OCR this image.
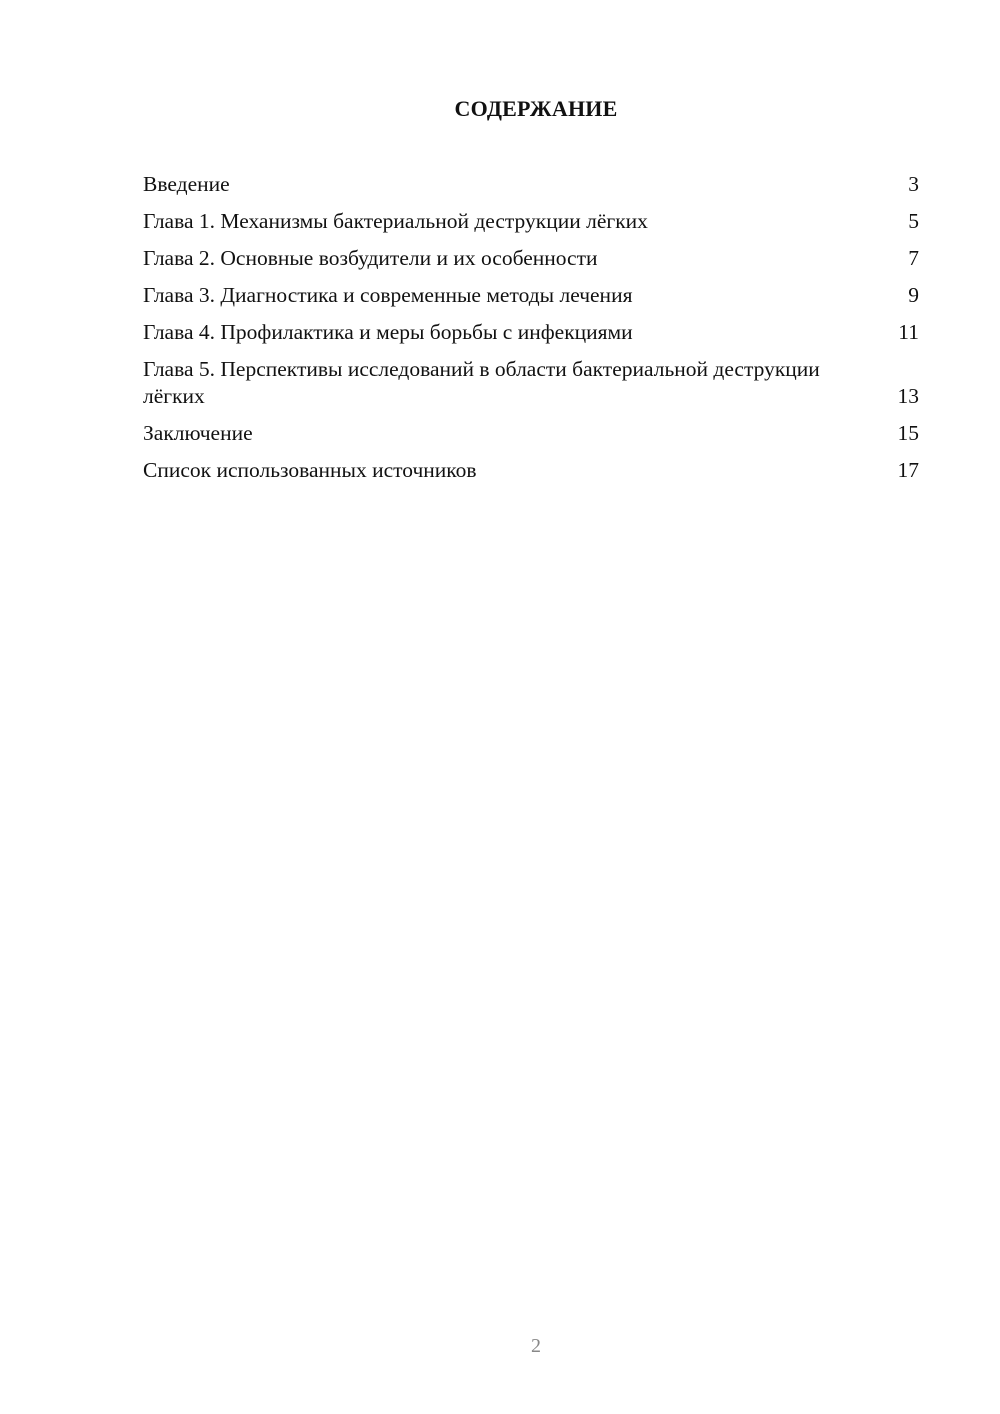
СОДЕРЖАНИЕ
Введение	3
Глава 1. Механизмы бактериальной деструкции лёгких	5
Глава 2. Основные возбудители и их особенности	7
Глава 3. Диагностика и современные методы лечения	9
Глава 4. Профилактика и меры борьбы с инфекциями	11
Глава 5. Перспективы исследований в области бактериальной деструкции лёгких	13
Заключение	15
Список использованных источников	17
2
